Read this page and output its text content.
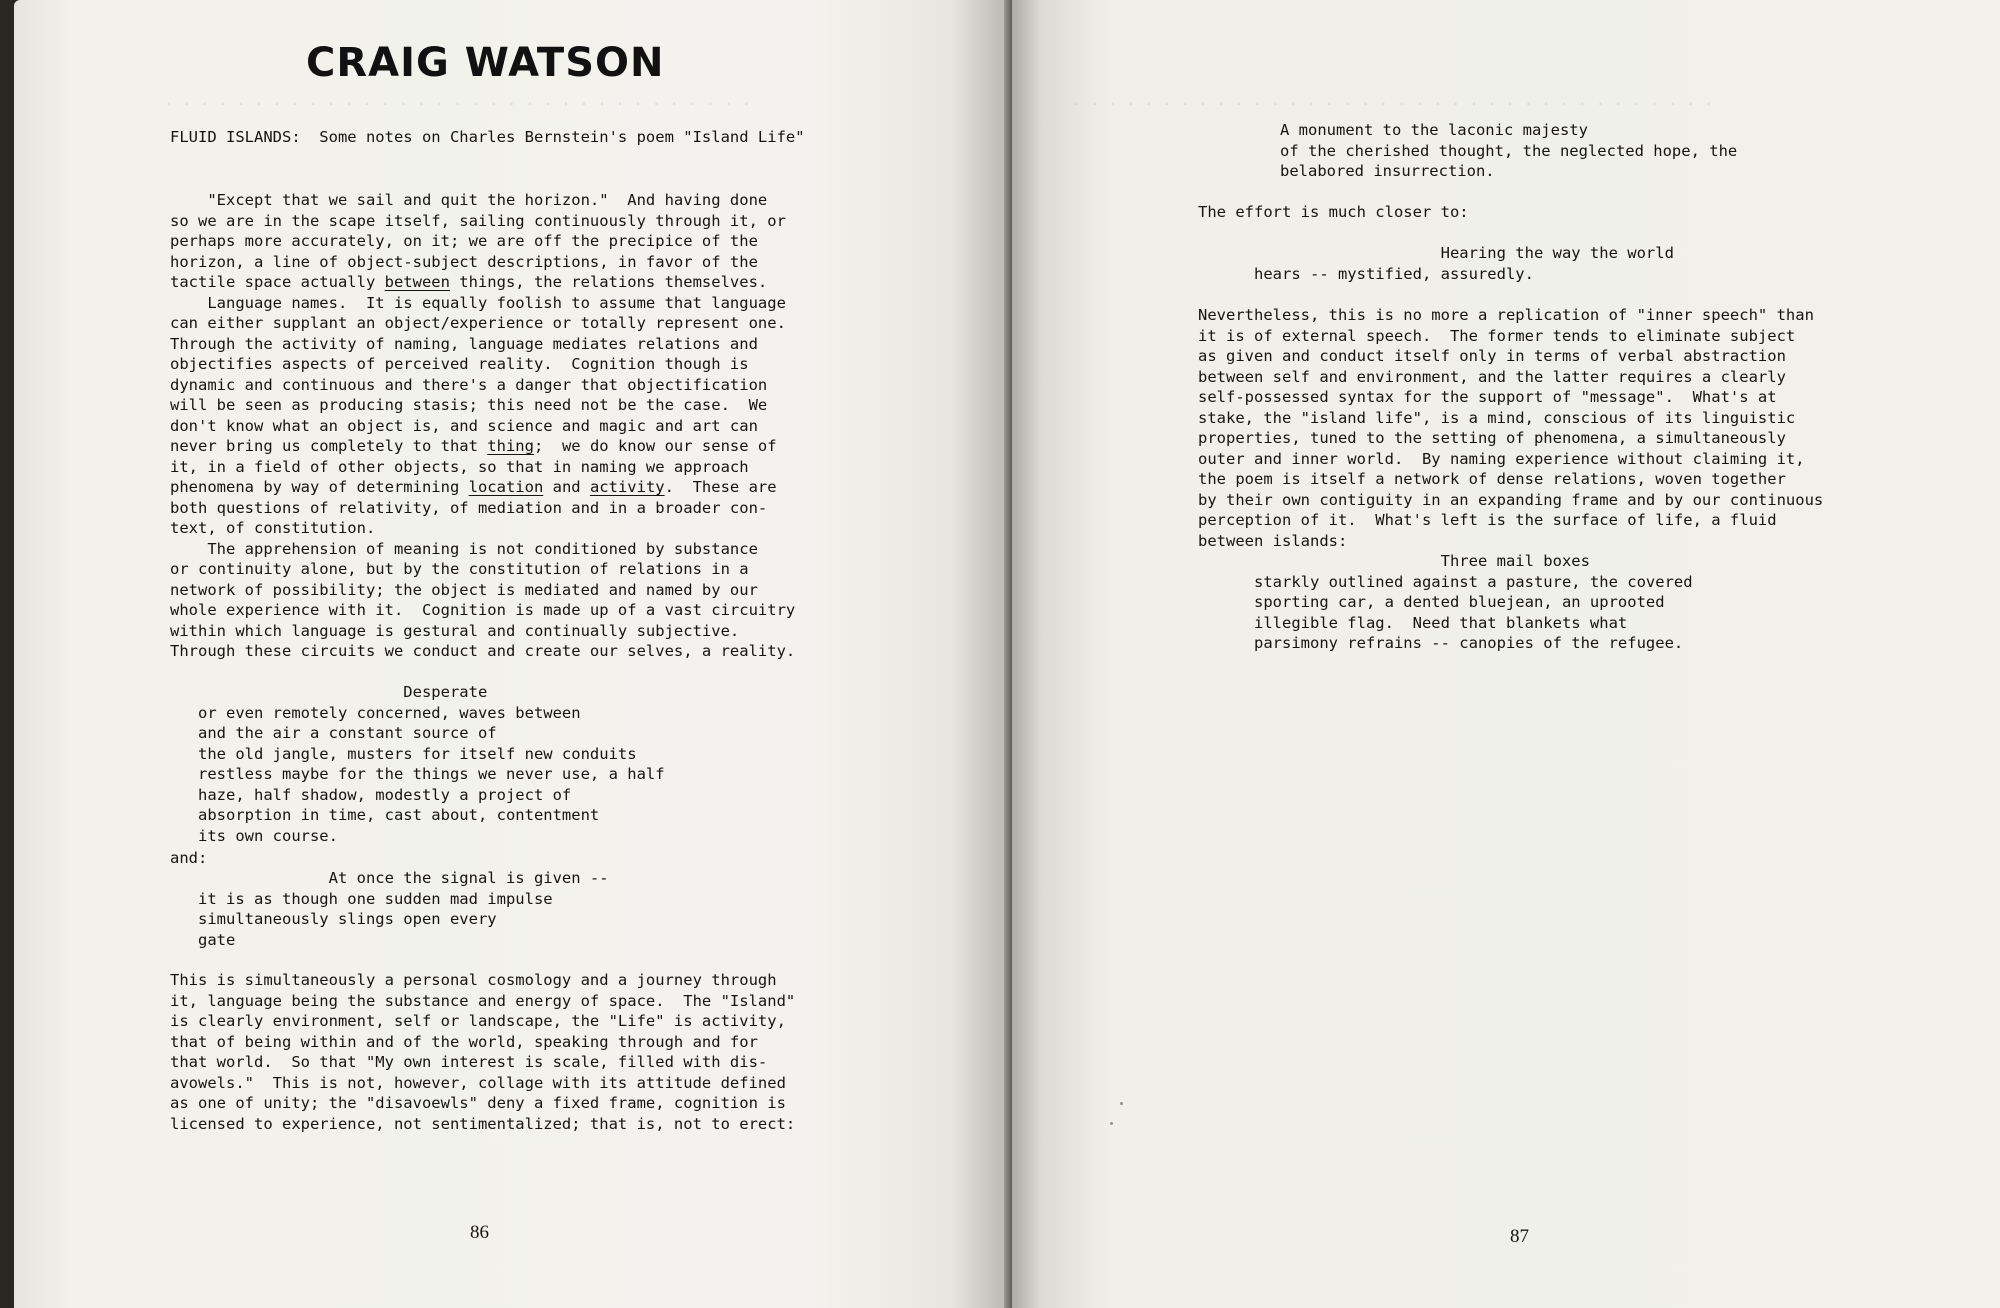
. . . . . . . . . . . . . . . . . . . . . . . . . . . . . . . . .
CRAIG WATSON
FLUID ISLANDS:  Some notes on Charles Bernstein's poem "Island Life"
"Except that we sail and quit the horizon."  And having done
so we are in the scape itself, sailing continuously through it, or
perhaps more accurately, on it; we are off the precipice of the
horizon, a line of object-subject descriptions, in favor of the
tactile space actually between things, the relations themselves.
Language names.  It is equally foolish to assume that language
can either supplant an object/experience or totally represent one.
Through the activity of naming, language mediates relations and
objectifies aspects of perceived reality.  Cognition though is
dynamic and continuous and there's a danger that objectification
will be seen as producing stasis; this need not be the case.  We
don't know what an object is, and science and magic and art can
never bring us completely to that thing;  we do know our sense of
it, in a field of other objects, so that in naming we approach
phenomena by way of determining location and activity.  These are
both questions of relativity, of mediation and in a broader con-
text, of constitution.
The apprehension of meaning is not conditioned by substance
or continuity alone, but by the constitution of relations in a
network of possibility; the object is mediated and named by our
whole experience with it.  Cognition is made up of a vast circuitry
within which language is gestural and continually subjective.
Through these circuits we conduct and create our selves, a reality.
Desperate
or even remotely concerned, waves between
and the air a constant source of
the old jangle, musters for itself new conduits
restless maybe for the things we never use, a half
haze, half shadow, modestly a project of
absorption in time, cast about, contentment
its own course.
and:
At once the signal is given --
it is as though one sudden mad impulse
simultaneously slings open every
gate
This is simultaneously a personal cosmology and a journey through
it, language being the substance and energy of space.  The "Island"
is clearly environment, self or landscape, the "Life" is activity,
that of being within and of the world, speaking through and for
that world.  So that "My own interest is scale, filled with dis-
avowels."  This is not, however, collage with its attitude defined
as one of unity; the "disavoewls" deny a fixed frame, cognition is
licensed to experience, not sentimentalized; that is, not to erect:
86
. . . . . . . . . . . . . . . . . . . . . . . . . . . . . . . . . . . .
A monument to the laconic majesty
of the cherished thought, the neglected hope, the
belabored insurrection.
The effort is much closer to:
Hearing the way the world
hears -- mystified, assuredly.
Nevertheless, this is no more a replication of "inner speech" than
it is of external speech.  The former tends to eliminate subject
as given and conduct itself only in terms of verbal abstraction
between self and environment, and the latter requires a clearly
self-possessed syntax for the support of "message".  What's at
stake, the "island life", is a mind, conscious of its linguistic
properties, tuned to the setting of phenomena, a simultaneously
outer and inner world.  By naming experience without claiming it,
the poem is itself a network of dense relations, woven together
by their own contiguity in an expanding frame and by our continuous
perception of it.  What's left is the surface of life, a fluid
between islands:
Three mail boxes
starkly outlined against a pasture, the covered
sporting car, a dented bluejean, an uprooted
illegible flag.  Need that blankets what
parsimony refrains -- canopies of the refugee.
87
